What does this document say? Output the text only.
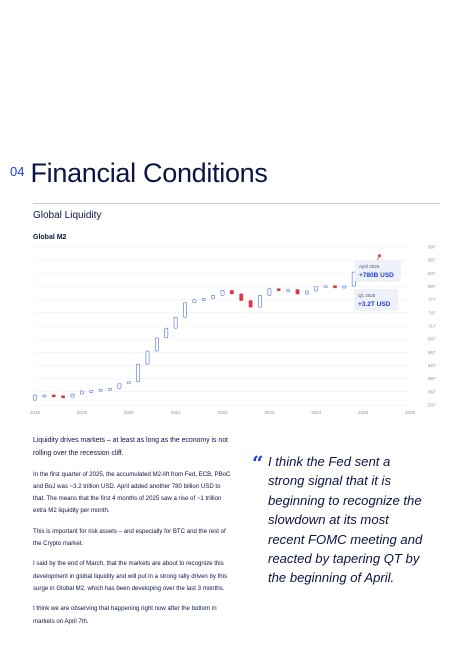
04 Financial Conditions
Global Liquidity
Global M2
537
567
597
627
657
687
717
747
777
807
837
867
897
2018	2019	2020	2021	2022	2023	2024	2025	2026
April 2025
+780B USD
Q1 2025
+3.2T USD

Liquidity drives markets – at least as long as the economy is not rolling over the recession cliff.

In the first quarter of 2025, the accumulated M2-lift from Fed, ECB, PBoC and BoJ was ~3.2 trillion USD. April added another 780 billion USD to that. The means that the first 4 months of 2025 saw a rise of ~1 trillion extra M2 liquidity per month.

This is important for risk assets – and especially for BTC and the rest of the Crypto market.

I said by the end of March, that the markets are about to recognize this development in global liquidity and will put in a strong rally driven by this surge in Global M2, which has been developing over the last 3 months.

I think we are observing that happening right now after the bottom in markets on April 7th.

“ I think the Fed sent a strong signal that it is beginning to recognize the slowdown at its most recent FOMC meeting and reacted by tapering QT by the beginning of April.
